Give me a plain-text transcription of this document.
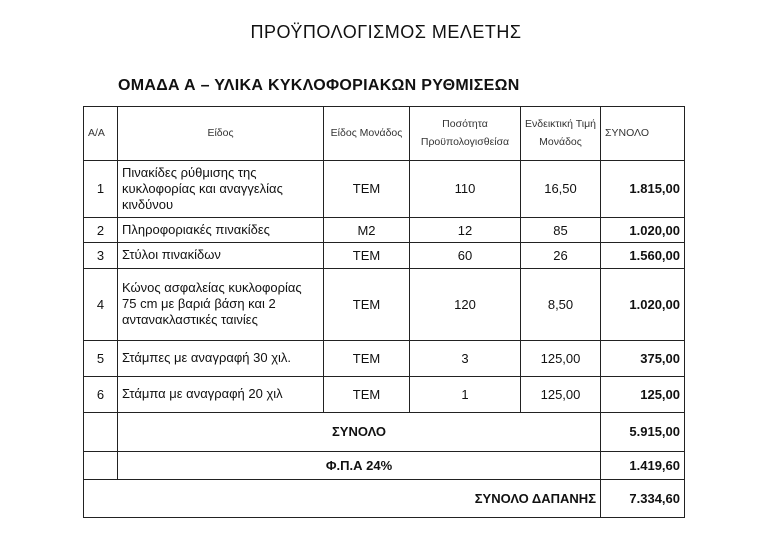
ΠΡΟΫΠΟΛΟΓΙΣΜΟΣ ΜΕΛΕΤΗΣ
ΟΜΑΔΑ Α – ΥΛΙΚΑ ΚΥΚΛΟΦΟΡΙΑΚΩΝ ΡΥΘΜΙΣΕΩΝ
Α/Α	Είδος	Είδος Μονάδος	Ποσότητα Προϋπολογισθείσα	Ενδεικτική Τιμή Μονάδος	ΣΥΝΟΛΟ
1	Πινακίδες ρύθμισης της κυκλοφορίας και αναγγελίας κινδύνου	ΤΕΜ	110	16,50	1.815,00
2	Πληροφοριακές πινακίδες	Μ2	12	85	1.020,00
3	Στύλοι πινακίδων	ΤΕΜ	60	26	1.560,00
4	Κώνος ασφαλείας κυκλοφορίας 75 cm με βαριά βάση και 2 αντανακλαστικές ταινίες	ΤΕΜ	120	8,50	1.020,00
5	Στάμπες με αναγραφή 30 χιλ.	ΤΕΜ	3	125,00	375,00
6	Στάμπα με αναγραφή 20 χιλ	ΤΕΜ	1	125,00	125,00
	ΣΥΝΟΛΟ				5.915,00
	Φ.Π.Α 24%				1.419,60
ΣΥΝΟΛΟ ΔΑΠΑΝΗΣ					7.334,60
